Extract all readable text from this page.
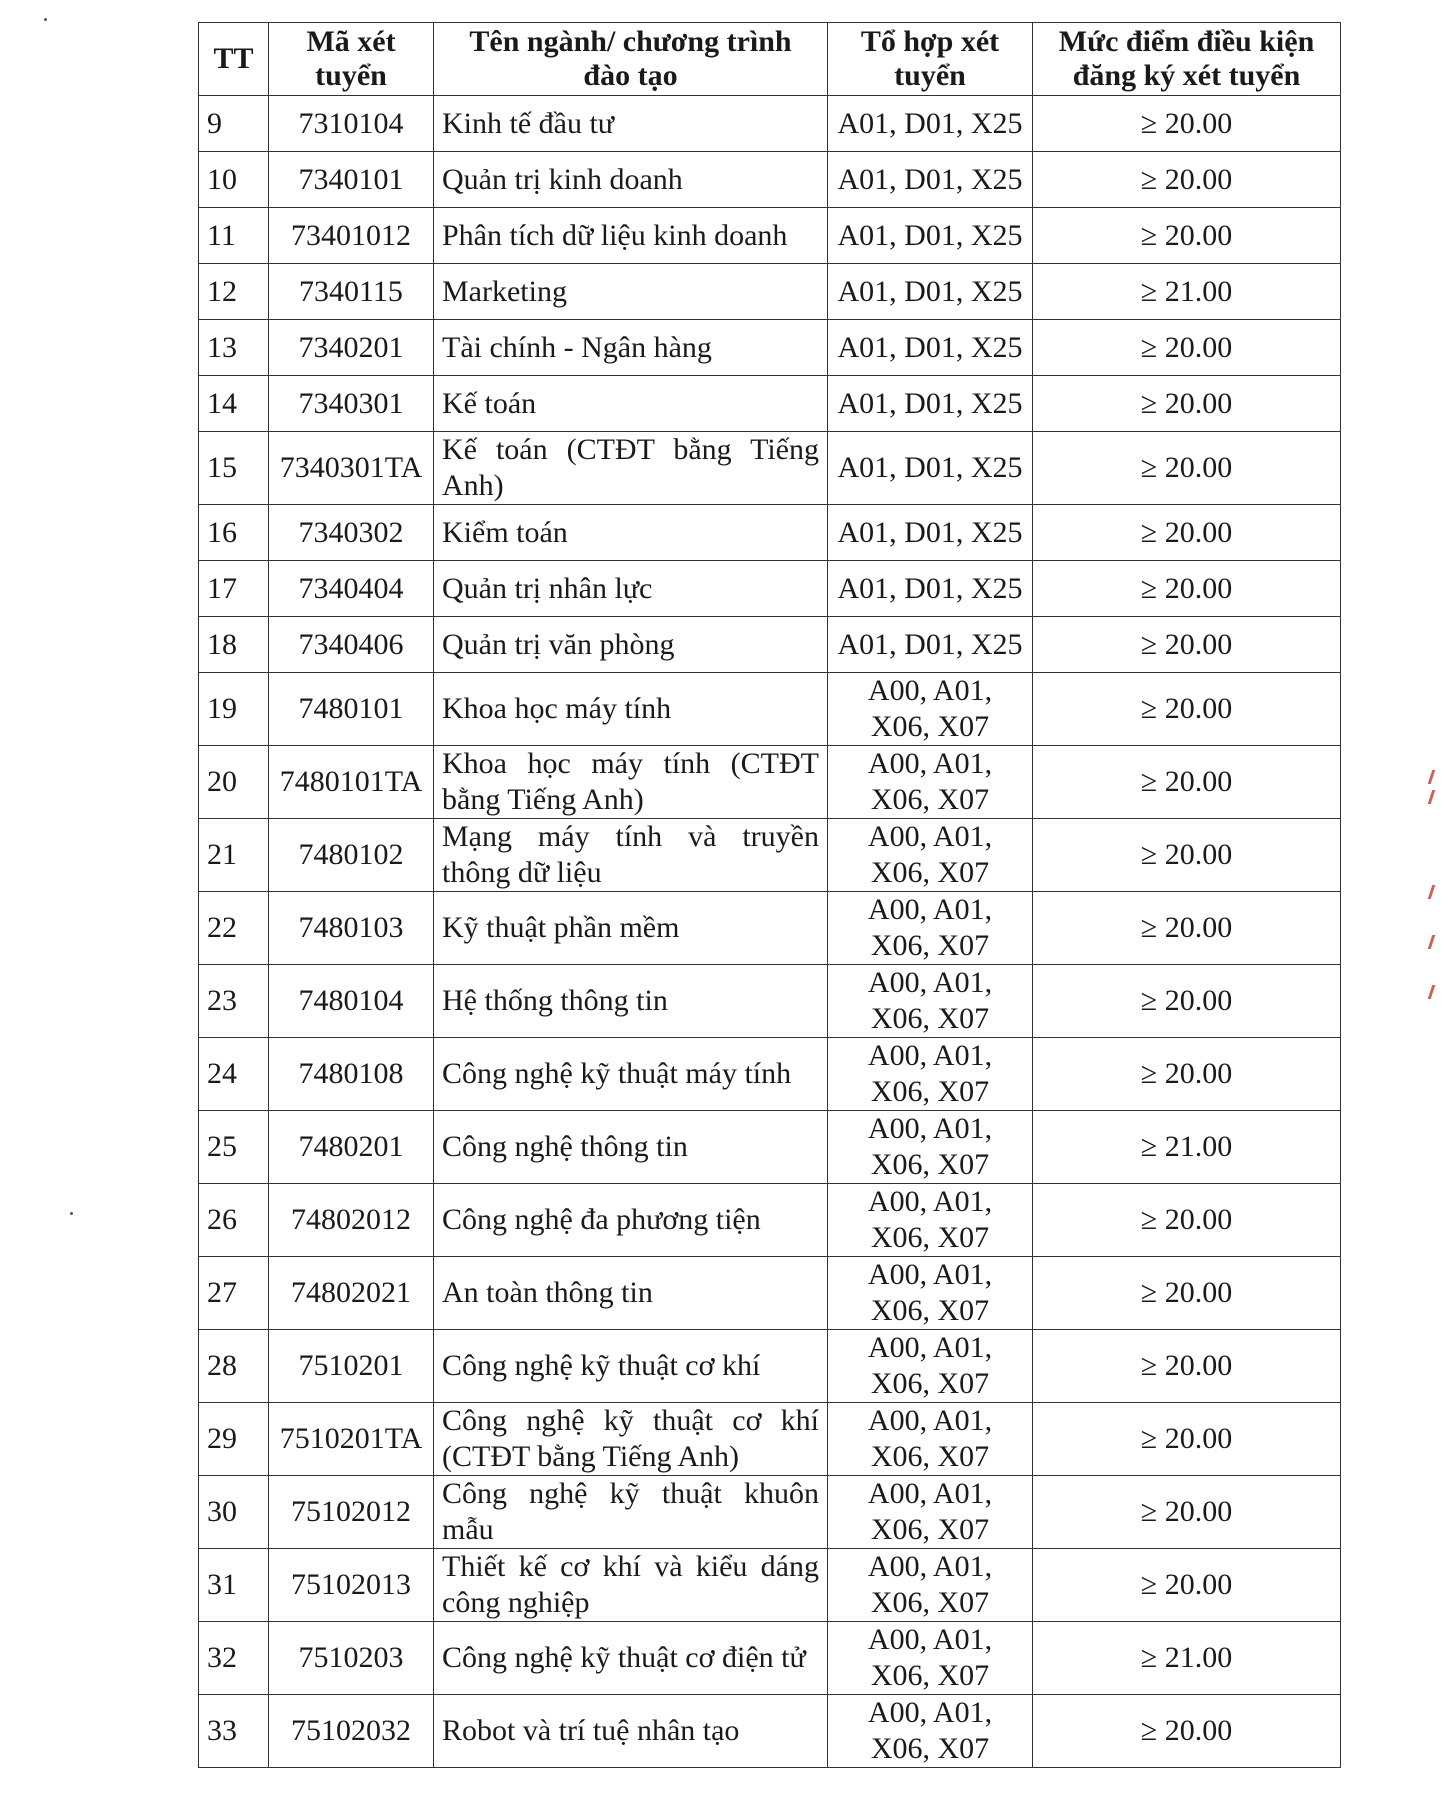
TT	Mã xét tuyển	Tên ngành/ chương trình đào tạo	Tổ hợp xét tuyển	Mức điểm điều kiện đăng ký xét tuyển
9	7310104	Kinh tế đầu tư	A01, D01, X25	≥ 20.00
10	7340101	Quản trị kinh doanh	A01, D01, X25	≥ 20.00
11	73401012	Phân tích dữ liệu kinh doanh	A01, D01, X25	≥ 20.00
12	7340115	Marketing	A01, D01, X25	≥ 21.00
13	7340201	Tài chính - Ngân hàng	A01, D01, X25	≥ 20.00
14	7340301	Kế toán	A01, D01, X25	≥ 20.00
15	7340301TA	Kế toán (CTĐT bằng Tiếng Anh)	A01, D01, X25	≥ 20.00
16	7340302	Kiểm toán	A01, D01, X25	≥ 20.00
17	7340404	Quản trị nhân lực	A01, D01, X25	≥ 20.00
18	7340406	Quản trị văn phòng	A01, D01, X25	≥ 20.00
19	7480101	Khoa học máy tính	A00, A01, X06, X07	≥ 20.00
20	7480101TA	Khoa học máy tính (CTĐT bằng Tiếng Anh)	A00, A01, X06, X07	≥ 20.00
21	7480102	Mạng máy tính và truyền thông dữ liệu	A00, A01, X06, X07	≥ 20.00
22	7480103	Kỹ thuật phần mềm	A00, A01, X06, X07	≥ 20.00
23	7480104	Hệ thống thông tin	A00, A01, X06, X07	≥ 20.00
24	7480108	Công nghệ kỹ thuật máy tính	A00, A01, X06, X07	≥ 20.00
25	7480201	Công nghệ thông tin	A00, A01, X06, X07	≥ 21.00
26	74802012	Công nghệ đa phương tiện	A00, A01, X06, X07	≥ 20.00
27	74802021	An toàn thông tin	A00, A01, X06, X07	≥ 20.00
28	7510201	Công nghệ kỹ thuật cơ khí	A00, A01, X06, X07	≥ 20.00
29	7510201TA	Công nghệ kỹ thuật cơ khí (CTĐT bằng Tiếng Anh)	A00, A01, X06, X07	≥ 20.00
30	75102012	Công nghệ kỹ thuật khuôn mẫu	A00, A01, X06, X07	≥ 20.00
31	75102013	Thiết kế cơ khí và kiểu dáng công nghiệp	A00, A01, X06, X07	≥ 20.00
32	7510203	Công nghệ kỹ thuật cơ điện tử	A00, A01, X06, X07	≥ 21.00
33	75102032	Robot và trí tuệ nhân tạo	A00, A01, X06, X07	≥ 20.00
